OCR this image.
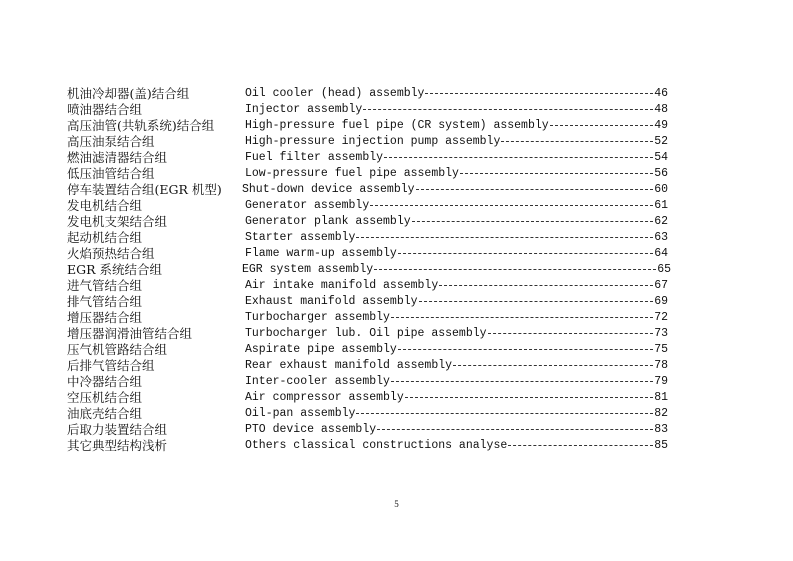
机油冷却器(盖)结合组	Oil cooler (head) assembly	46
喷油器结合组	Injector assembly	48
高压油管(共轨系统)结合组	High-pressure fuel pipe (CR system) assembly	49
高压油泵结合组	High-pressure injection pump assembly	52
燃油滤清器结合组	Fuel filter assembly	54
低压油管结合组	Low-pressure fuel pipe assembly	56
停车装置结合组(EGR 机型) Shut-down device assembly	60
发电机结合组	Generator assembly	61
发电机支架结合组	Generator plank assembly	62
起动机结合组	Starter assembly	63
火焰预热结合组	Flame warm-up assembly	64
EGR 系统结合组	EGR system assembly	65
进气管结合组	Air intake manifold assembly	67
排气管结合组	Exhaust manifold assembly	69
增压器结合组	Turbocharger assembly	72
增压器润滑油管结合组	Turbocharger lub. Oil pipe assembly	73
压气机管路结合组	Aspirate pipe assembly	75
后排气管结合组	Rear exhaust manifold assembly	78
中冷器结合组	Inter-cooler assembly	79
空压机结合组	Air compressor assembly	81
油底壳结合组	Oil-pan assembly	82
后取力装置结合组	PTO device assembly	83
其它典型结构浅析	Others classical constructions analyse	85
5
